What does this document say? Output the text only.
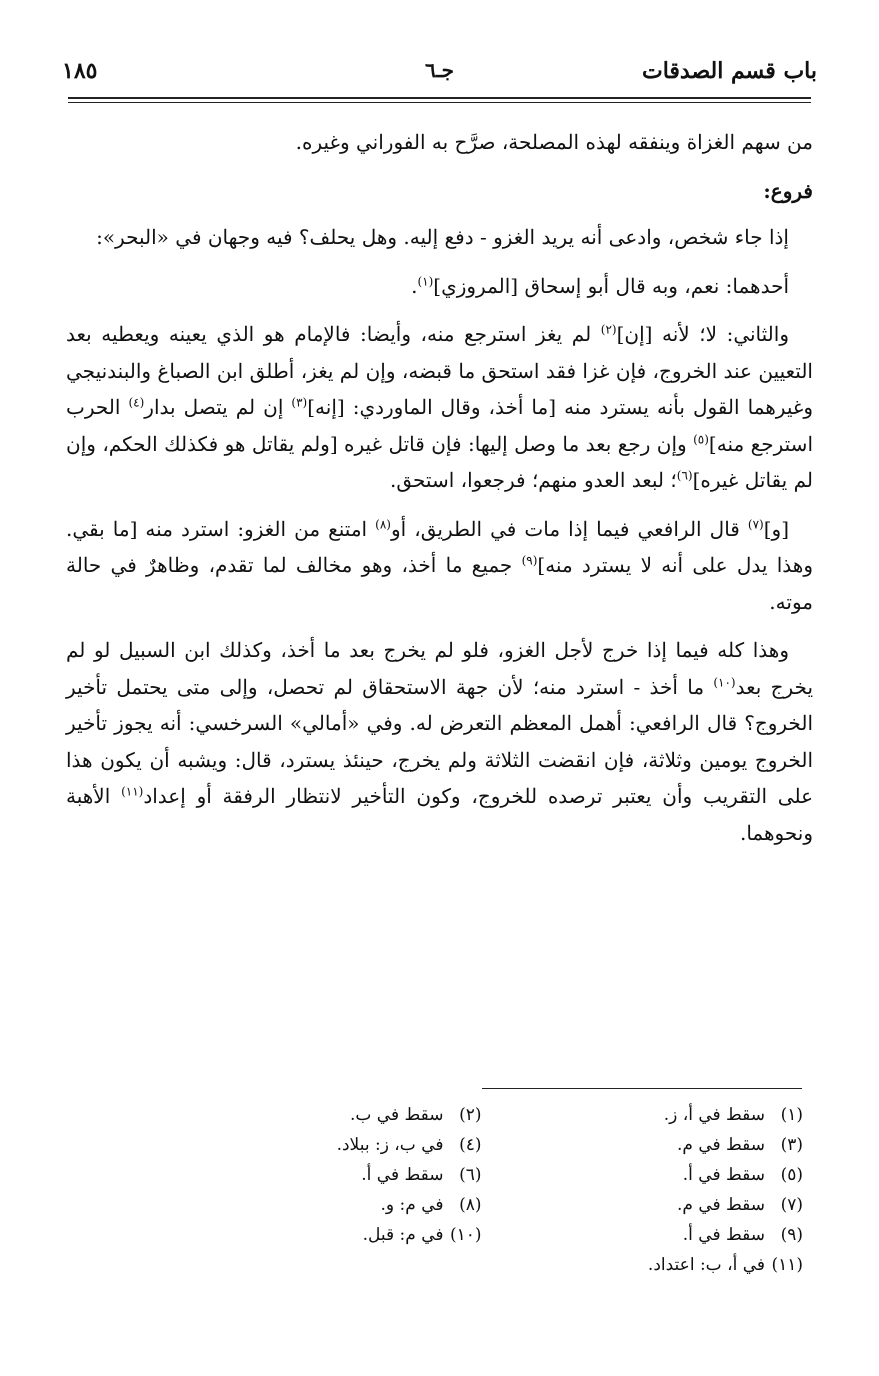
باب قسم الصدقات
جـ٦
١٨٥

من سهم الغزاة وينفقه لهذه المصلحة، صرَّح به الفوراني وغيره.

فروع:

إذا جاء شخص، وادعى أنه يريد الغزو - دفع إليه. وهل يحلف؟ فيه وجهان في «البحر»:

أحدهما: نعم، وبه قال أبو إسحاق [المروزي]$^{(١)}$.

والثاني: لا؛ لأنه [إن]$^{(٢)}$ لم يغز استرجع منه، وأيضا: فالإمام هو الذي يعينه ويعطيه بعد التعيين عند الخروج، فإن غزا فقد استحق ما قبضه، وإن لم يغز، أطلق ابن الصباغ والبندنيجي وغيرهما القول بأنه يسترد منه [ما أخذ، وقال الماوردي: [إنه]$^{(٣)}$ إن لم يتصل بدار$^{(٤)}$ الحرب استرجع منه]$^{(٥)}$ وإن رجع بعد ما وصل إليها: فإن قاتل غيره [ولم يقاتل هو فكذلك الحكم، وإن لم يقاتل غيره]$^{(٦)}$؛ لبعد العدو منهم؛ فرجعوا، استحق.

[و]$^{(٧)}$ قال الرافعي فيما إذا مات في الطريق، أو$^{(٨)}$ امتنع من الغزو: استرد منه [ما بقي. وهذا يدل على أنه لا يسترد منه]$^{(٩)}$ جميع ما أخذ، وهو مخالف لما تقدم، وظاهرٌ في حالة موته.

وهذا كله فيما إذا خرج لأجل الغزو، فلو لم يخرج بعد ما أخذ، وكذلك ابن السبيل لو لم يخرج بعد$^{(١٠)}$ ما أخذ - استرد منه؛ لأن جهة الاستحقاق لم تحصل، وإلى متى يحتمل تأخير الخروج؟ قال الرافعي: أهمل المعظم التعرض له. وفي «أمالي» السرخسي: أنه يجوز تأخير الخروج يومين وثلاثة، فإن انقضت الثلاثة ولم يخرج، حينئذ يسترد، قال: ويشبه أن يكون هذا على التقريب وأن يعتبر ترصده للخروج، وكون التأخير لانتظار الرفقة أو إعداد$^{(١١)}$ الأهبة ونحوهما.

(١)سقط في أ، ز.
(٢)سقط في ب.
(٣)سقط في م.
(٤)في ب، ز: ببلاد.
(٥)سقط في أ.
(٦)سقط في أ.
(٧)سقط في م.
(٨)في م: و.
(٩)سقط في أ.
(١٠)في م: قبل.
(١١)في أ، ب: اعتداد.
